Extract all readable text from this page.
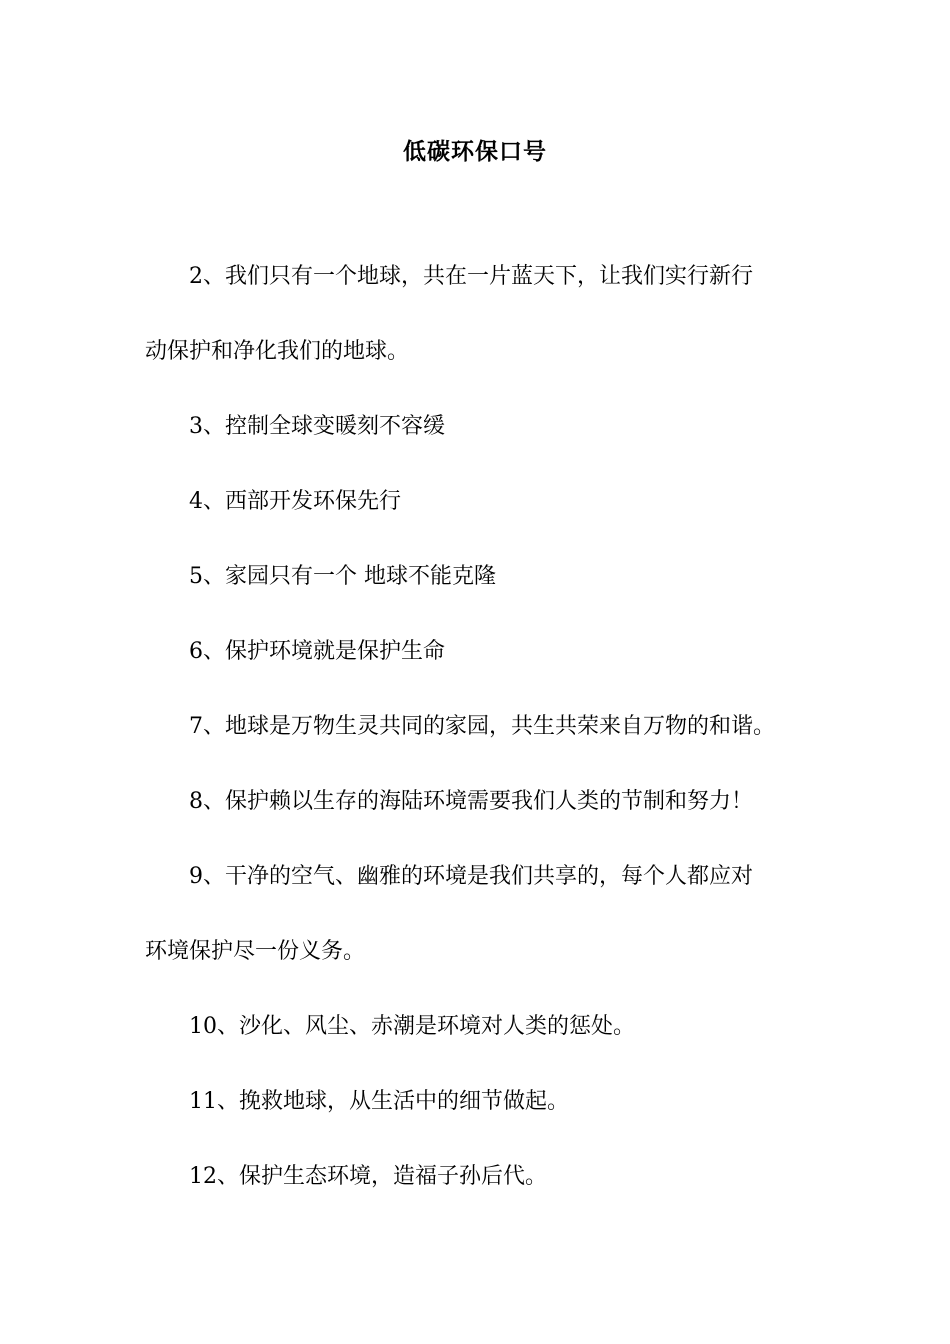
低碳环保口号

2、我们只有一个地球，共在一片蓝天下，让我们实行新行
动保护和净化我们的地球。

3、控制全球变暖刻不容缓

4、西部开发环保先行

5、家园只有一个 地球不能克隆

6、保护环境就是保护生命

7、地球是万物生灵共同的家园，共生共荣来自万物的和谐。

8、保护赖以生存的海陆环境需要我们人类的节制和努力！

9、干净的空气、幽雅的环境是我们共享的，每个人都应对
环境保护尽一份义务。

10、沙化、风尘、赤潮是环境对人类的惩处。

11、挽救地球，从生活中的细节做起。

12、保护生态环境，造福子孙后代。
